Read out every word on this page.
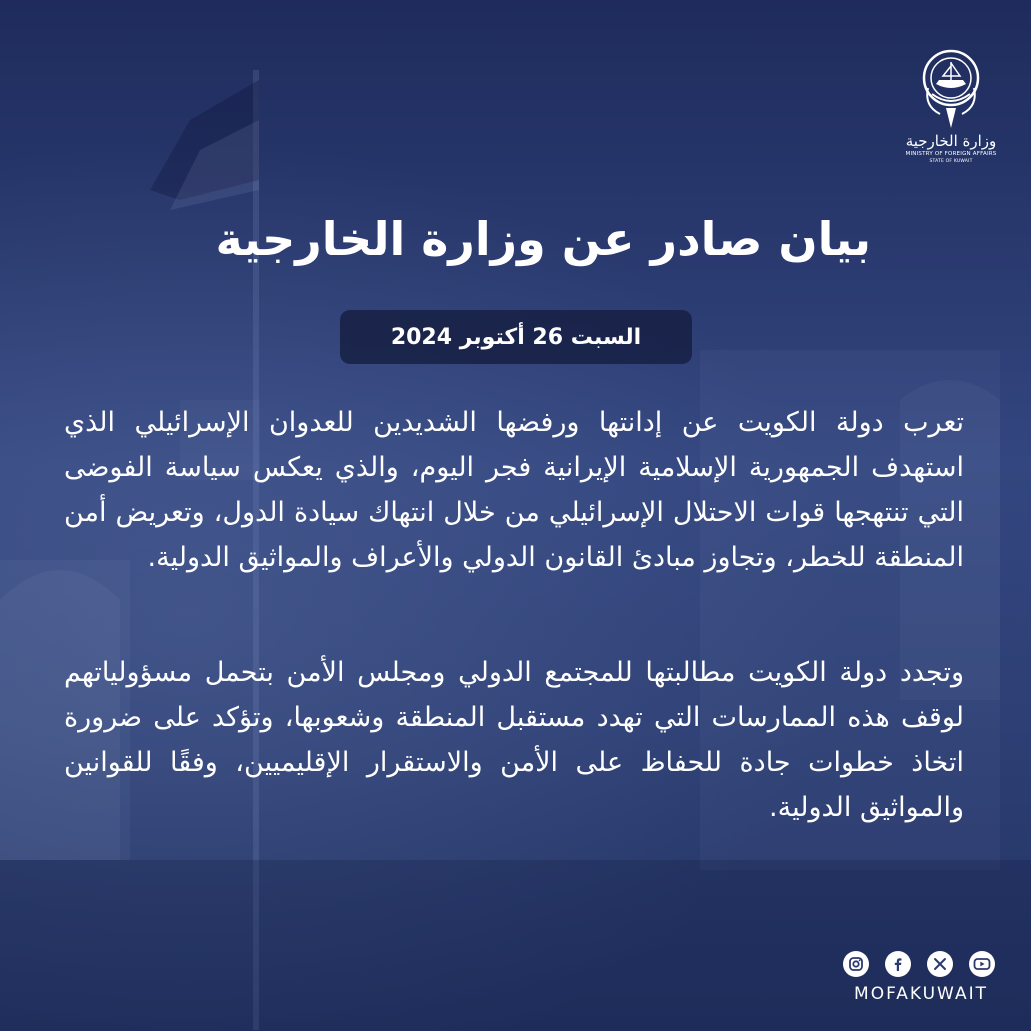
وزارة الخارجية
MINISTRY OF FOREIGN AFFAIRS
STATE OF KUWAIT
بيان صادر عن وزارة الخارجية
السبت 26 أكتوبر 2024
تعرب دولة الكويت عن إدانتها ورفضها الشديدين للعدوان الإسرائيلي الذي استهدف الجمهورية الإسلامية الإيرانية فجر اليوم، والذي يعكس سياسة الفوضى التي تنتهجها قوات الاحتلال الإسرائيلي من خلال انتهاك سيادة الدول، وتعريض أمن المنطقة للخطر، وتجاوز مبادئ القانون الدولي والأعراف والمواثيق الدولية.
وتجدد دولة الكويت مطالبتها للمجتمع الدولي ومجلس الأمن بتحمل مسؤولياتهم لوقف هذه الممارسات التي تهدد مستقبل المنطقة وشعوبها، وتؤكد على ضرورة اتخاذ خطوات جادة للحفاظ على الأمن والاستقرار الإقليميين، وفقًا للقوانين والمواثيق الدولية.
MOFAKUWAIT
